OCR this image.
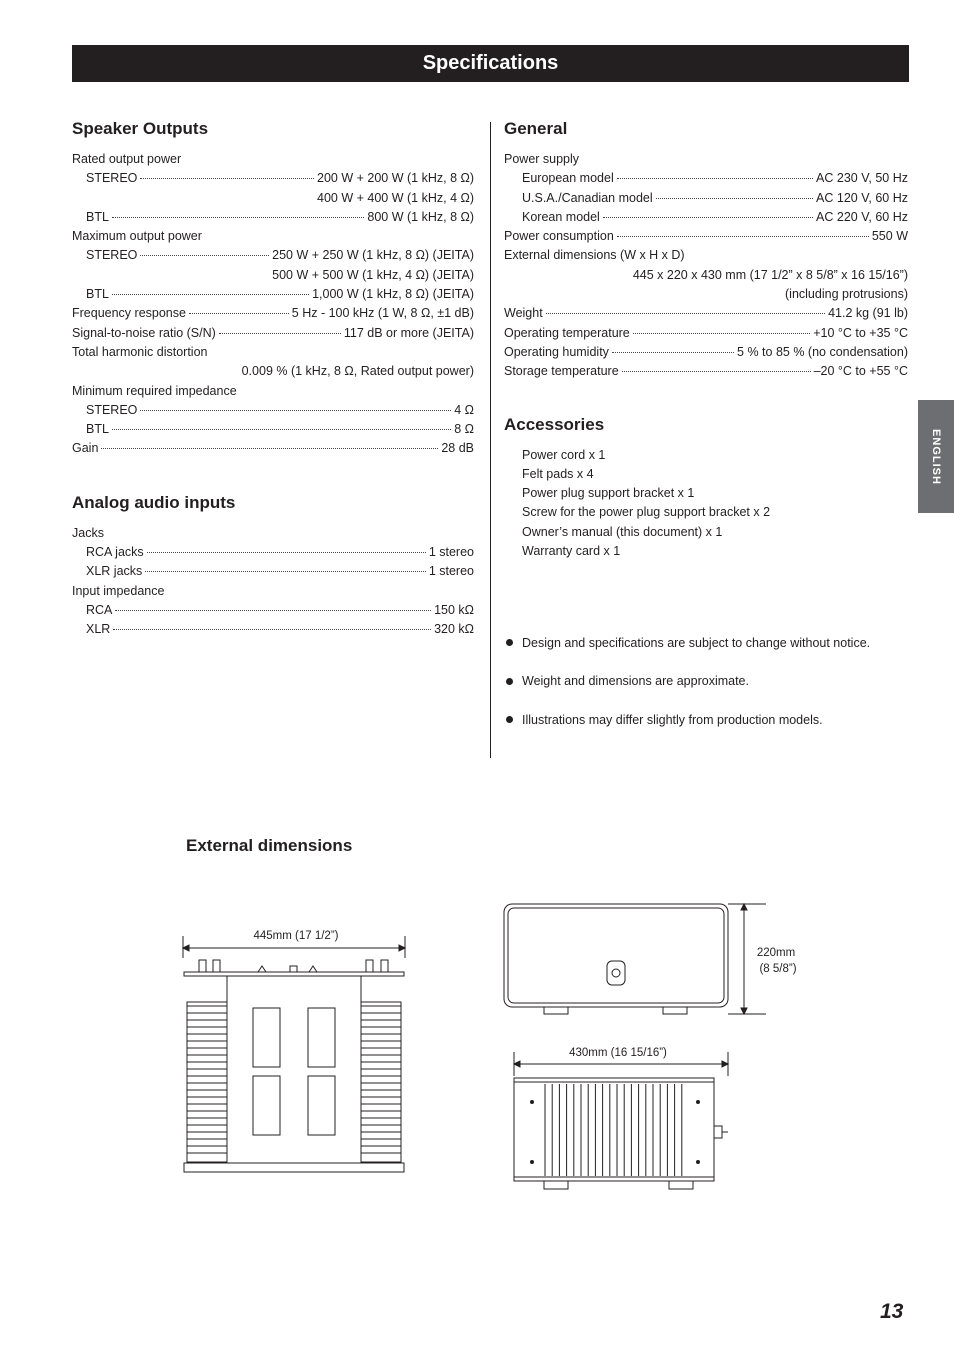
Specifications
Speaker Outputs
Rated output power
STEREO	200 W + 200 W (1 kHz, 8 Ω)
400 W + 400 W (1 kHz, 4 Ω)
BTL	800 W (1 kHz, 8 Ω)
Maximum output power
STEREO	250 W + 250 W (1 kHz, 8 Ω) (JEITA)
500 W + 500 W (1 kHz, 4 Ω) (JEITA)
BTL	1,000 W (1 kHz, 8 Ω) (JEITA)
Frequency response	5 Hz - 100 kHz (1 W, 8 Ω, ±1 dB)
Signal-to-noise ratio (S/N)	117 dB or more (JEITA)
Total harmonic distortion
0.009 % (1 kHz, 8 Ω, Rated output power)
Minimum required impedance
STEREO	4 Ω
BTL	8 Ω
Gain	28 dB
Analog audio inputs
Jacks
RCA jacks	1 stereo
XLR jacks	1 stereo
Input impedance
RCA	150 kΩ
XLR	320 kΩ
General
Power supply
European model	AC 230 V, 50 Hz
U.S.A./Canadian model	AC 120 V, 60 Hz
Korean model	AC 220 V, 60 Hz
Power consumption	550 W
External dimensions (W x H x D)
445 x 220 x 430 mm (17 1/2” x 8 5/8” x 16 15/16”)
(including protrusions)
Weight	41.2 kg (91 lb)
Operating temperature	+10 °C to +35 °C
Operating humidity	5 % to 85 % (no condensation)
Storage temperature	–20 °C to +55 °C
Accessories
Power cord x 1
Felt pads x 4
Power plug support bracket x 1
Screw for the power plug support bracket x 2
Owner’s manual (this document) x 1
Warranty card x 1
Design and specifications are subject to change without notice.
Weight and dimensions are approximate.
Illustrations may differ slightly from production models.
ENGLISH
External dimensions
445mm (17 1/2”)
220mm
(8 5/8”)
430mm (16 15/16”)
13
